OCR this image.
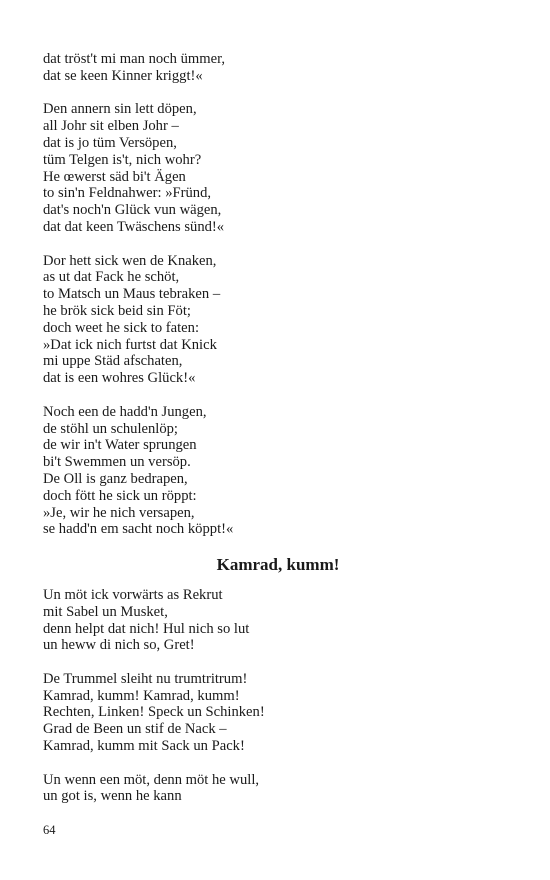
dat tröst't mi man noch ümmer,
dat se keen Kinner kriggt!«
Den annern sin lett döpen,
all Johr sit elben Johr –
dat is jo tüm Versöpen,
tüm Telgen is't, nich wohr?
He œwerst säd bi't Ägen
to sin'n Feldnahwer: »Fründ,
dat's noch'n Glück vun wägen,
dat dat keen Twäschens sünd!«
Dor hett sick wen de Knaken,
as ut dat Fack he schöt,
to Matsch un Maus tebraken –
he brök sick beid sin Föt;
doch weet he sick to faten:
»Dat ick nich furtst dat Knick
mi uppe Städ afschaten,
dat is een wohres Glück!«
Noch een de hadd'n Jungen,
de stöhl un schulenlöp;
de wir in't Water sprungen
bi't Swemmen un versöp.
De Oll is ganz bedrapen,
doch fött he sick un röppt:
»Je, wir he nich versapen,
se hadd'n em sacht noch köppt!«
Kamrad, kumm!
Un möt ick vorwärts as Rekrut
mit Sabel un Musket,
denn helpt dat nich! Hul nich so lut
un heww di nich so, Gret!
De Trummel sleiht nu trumtritrum!
Kamrad, kumm! Kamrad, kumm!
Rechten, Linken! Speck un Schinken!
Grad de Been un stif de Nack –
Kamrad, kumm mit Sack un Pack!
Un wenn een möt, denn möt he wull,
un got is, wenn he kann
64
